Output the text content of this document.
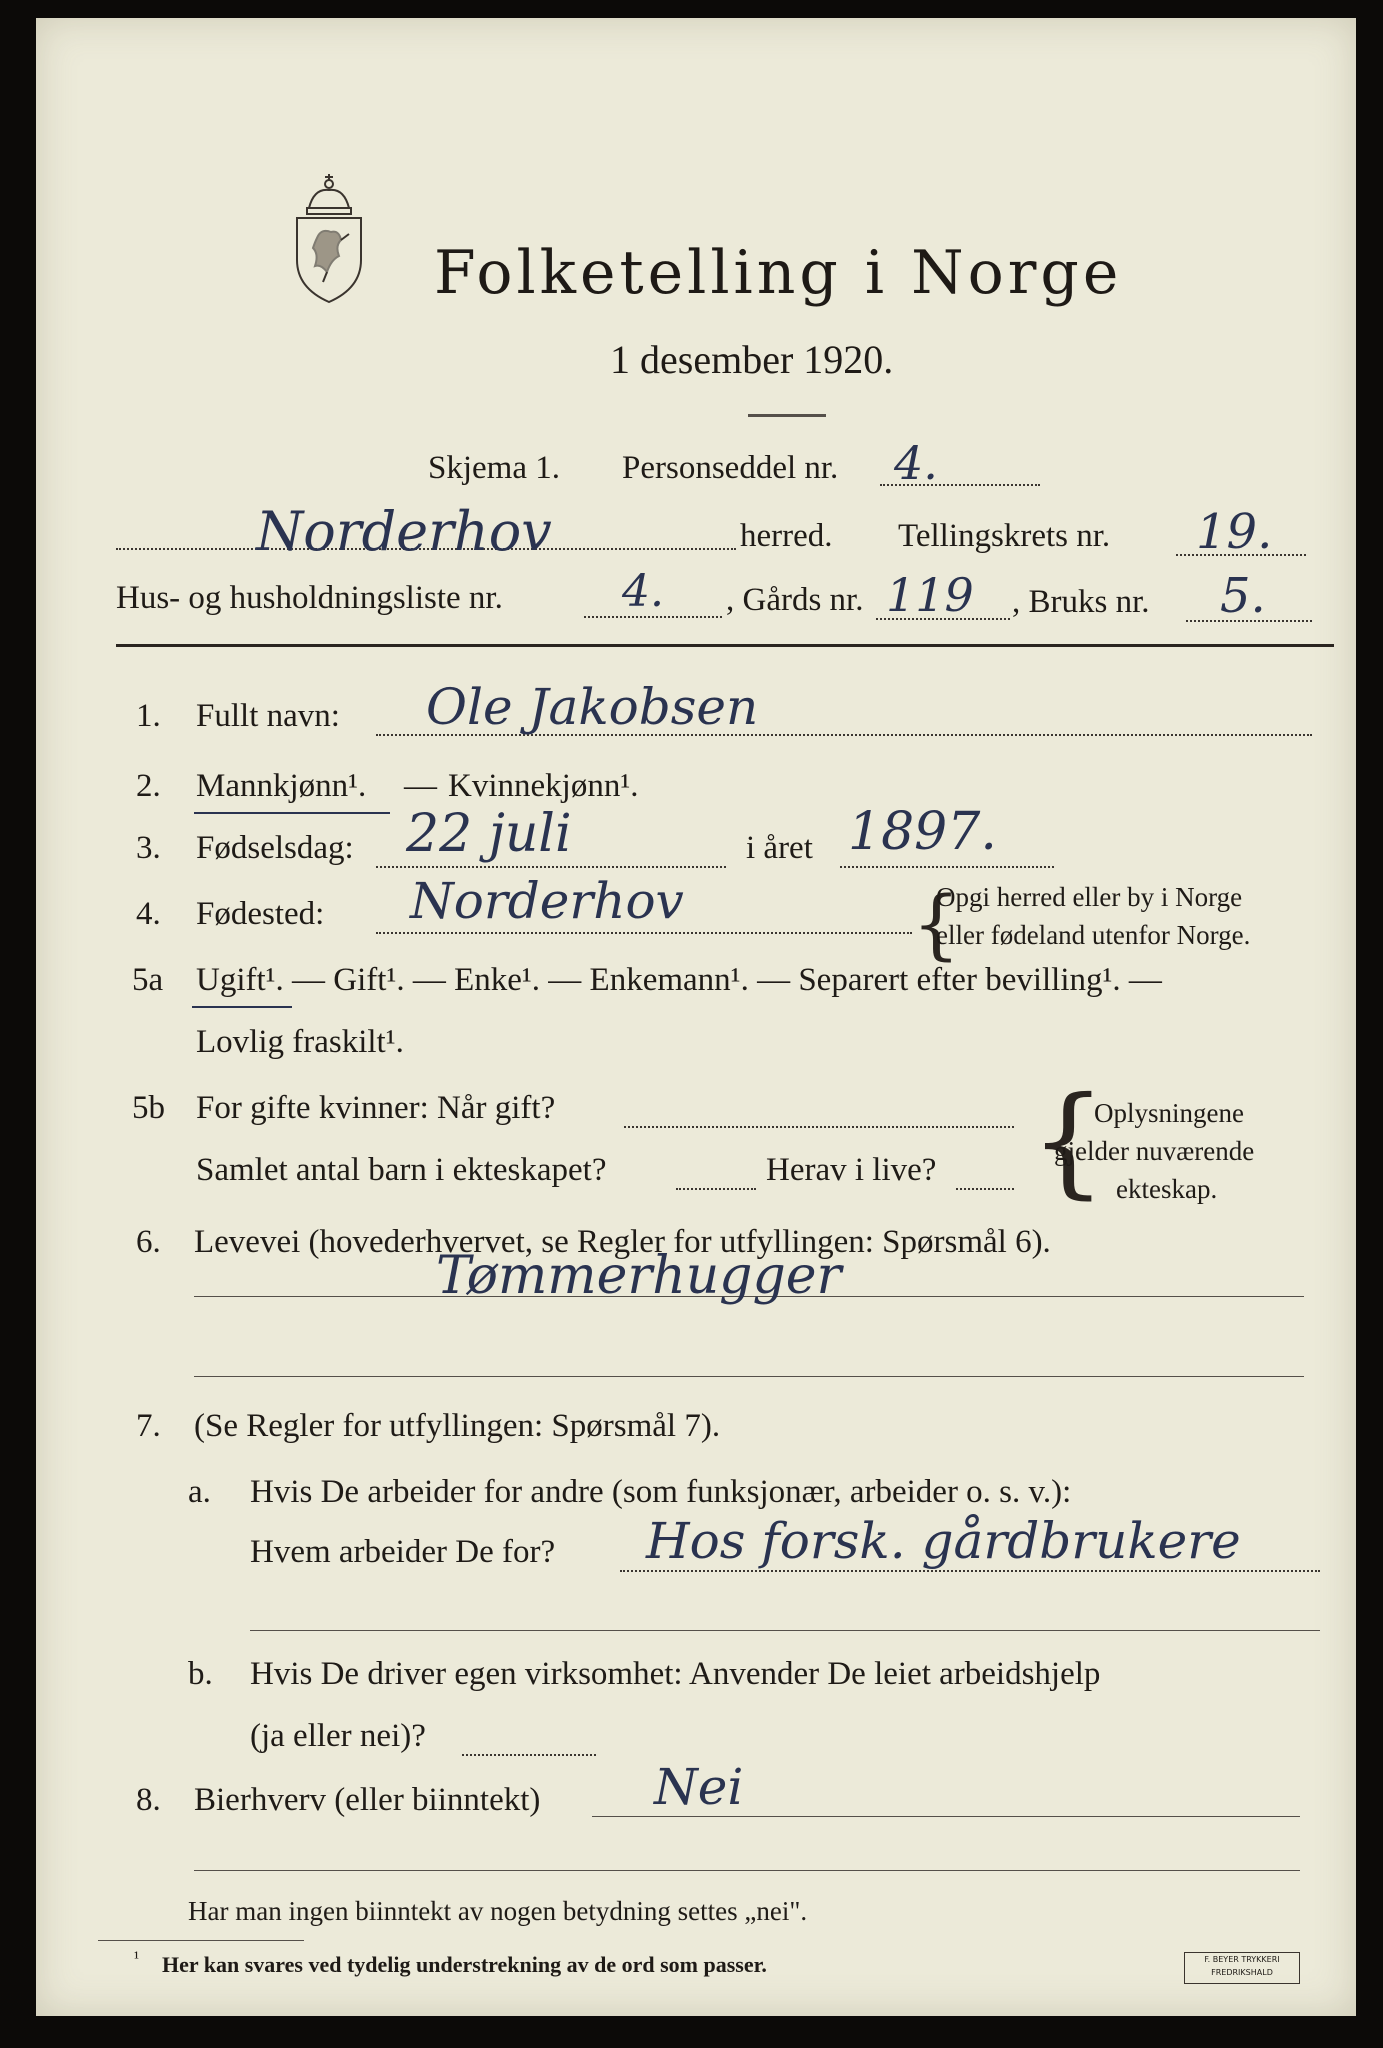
Folketelling i Norge
1 desember 1920.
Skjema 1. Personseddel nr. 4.
Norderhov	herred. Tellingskrets nr. 19.
Hus- og husholdningsliste nr.	4. , Gårds nr. 119 , Bruks nr. 5.
1. Fullt navn: Ole Jakobsen
2. Mannkjønn¹. — Kvinnekjønn¹.
3. Fødselsdag: 22 juli	i året 1897.
4. Fødested: Norderhov	{
Opgi herred eller by i Norge
eller fødeland utenfor Norge.
5a Ugift¹. — Gift¹. — Enke¹. — Enkemann¹. — Separert efter bevilling¹. —
Lovlig fraskilt¹.
5b For gifte kvinner: Når gift?
Samlet antal barn i ekteskapet?	Herav i live? {
Oplysningene
gjelder nuværende
ekteskap.
6. Levevei (hovederhvervet, se Regler for utfyllingen: Spørsmål 6).
Tømmerhugger
7. (Se Regler for utfyllingen: Spørsmål 7).
a. Hvis De arbeider for andre (som funksjonær, arbeider o. s. v.):
Hvem arbeider De for? Hos forsk. gårdbrukere
b. Hvis De driver egen virksomhet: Anvender De leiet arbeidshjelp
(ja eller nei)?
8. Bierhverv (eller biinntekt) Nei
Har man ingen biinntekt av nogen betydning settes „nei".
¹ Her kan svares ved tydelig understrekning av de ord som passer.	F. BEYER TRYKKERI FREDRIKSHALD
